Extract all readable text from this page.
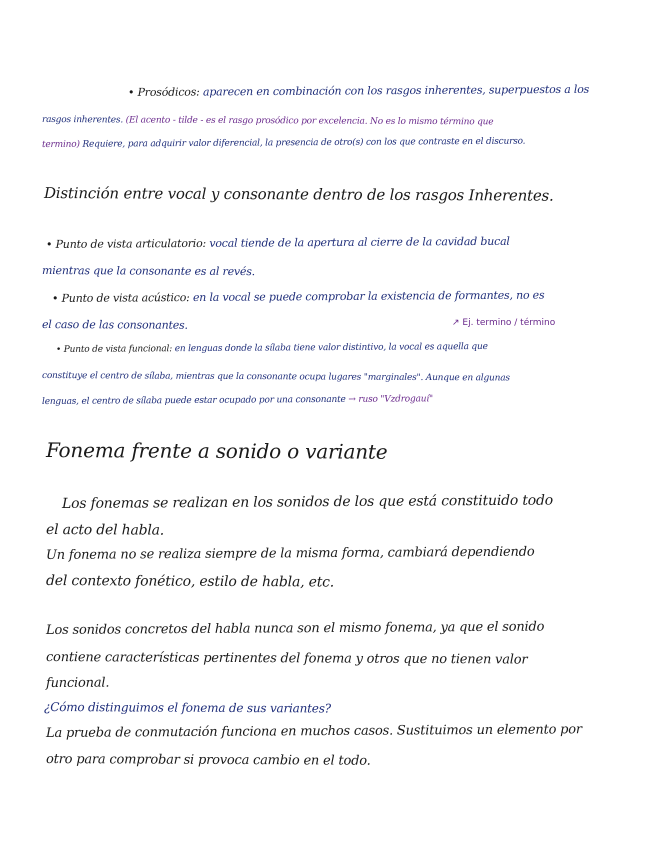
• Prosódicos: aparecen en combinación con los rasgos inherentes, superpuestos a los
rasgos inherentes. (El acento - tilde - es el rasgo prosódico por excelencia. No es lo mismo término que
termino) Requiere, para adquirir valor diferencial, la presencia de otro(s) con los que contraste en el discurso.
Distinción entre vocal y consonante dentro de los rasgos Inherentes.
• Punto de vista articulatorio: vocal tiende de la apertura al cierre de la cavidad bucal
mientras que la consonante es al revés.
• Punto de vista acústico: en la vocal se puede comprobar la existencia de formantes, no es
el caso de las consonantes.	↗ Ej. termino / término
• Punto de vista funcional: en lenguas donde la sílaba tiene valor distintivo, la vocal es aquella que
constituye el centro de sílaba, mientras que la consonante ocupa lugares "marginales". Aunque en algunas
lenguas, el centro de sílaba puede estar ocupado por una consonante → ruso "Vzdrogauí"
Fonema frente a sonido o variante
Los fonemas se realizan en los sonidos de los que está constituido todo
el acto del habla.
Un fonema no se realiza siempre de la misma forma, cambiará dependiendo
del contexto fonético, estilo de habla, etc.
Los sonidos concretos del habla nunca son el mismo fonema, ya que el sonido
contiene características pertinentes del fonema y otros que no tienen valor
funcional.
¿Cómo distinguimos el fonema de sus variantes?
La prueba de conmutación funciona en muchos casos. Sustituimos un elemento por
otro para comprobar si provoca cambio en el todo.
